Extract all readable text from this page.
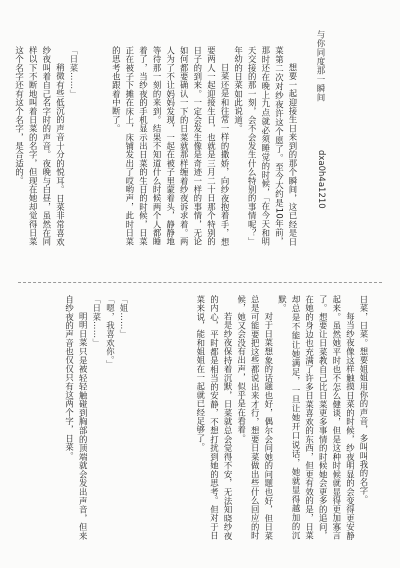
与你同度那一瞬间
dxa0h4a1210

想要一起迎接生日来到的那个瞬间，这已经是日菜第二次对纱夜许这个愿了。至今大约是10年前，那时还在晚上九点就必须睡觉的时候，「在今天和明天交接的那一刻，会不会发生什么特别的事情呢？」年幼的日菜如此说道。

日菜还是和往常一样的撒娇，向纱夜抱着手，想要两人一起迎接生日，也就是三月二十日那个特别的日子的到来。一定会发生像是奇迹一样的事情，无论如何都要确认一下的日菜就那样缠着纱夜诉求着。两人为了不让妈妈发现，一起在被子里蒙着头，静静地等待那一刻的来到。结果不知道什么时候两个人都睡着了，当纱夜的手机显示出日菜的生日的时候，日菜正在被子下摊在床上，床铺发出了哎哟声，此时日菜的思考也跟着中断了。

「日菜……」

稍微有些低沉的声音十分的悦耳。日菜非常喜欢纱夜叫着自己名字时的声音。夜晚与白昼，虽然在同样以下不断地叫着日菜的名字，但现在她却觉得日菜这个名字还有这个名字，是合适的。

日菜，日菜。想要姐姐用你的声音，多叫叫我的名字。

每当纱夜像这样触摸日菜的时候，纱夜明显的会变得更安静起来。虽然她平时也不怎么健谈，但是这种时候就显得更加寡言了。想要让日菜教自己比日菜更多事情的时候她会更多的追问，在她的身边也充满了许多日菜喜欢的东西，但更有效的是，日菜却总是不能让她满足，一旦让她开口说话，她就显得越加的沉默。

对于日菜想象的话题也好，偶尔会问她的问题也好，但日菜总是可能要把这些都说出来才行，想要日菜做出些什么回应的时候，她又会没有出声，似乎是在看着。

若是纱夜保持着沉默，日菜就总会觉得不安，无法知晓纱夜的内心，平时都是相当的安静，不想打扰到她的思考。但对于日菜来说，能和姐姐在一起就已经足够了。

「姐……」

「嗯，我喜欢你。」

「日菜……」

明明日菜只是被轻轻触碰到胸部的顶端就会发出声音，但来自纱夜的声音也仅仅只有这两个字，日菜。
